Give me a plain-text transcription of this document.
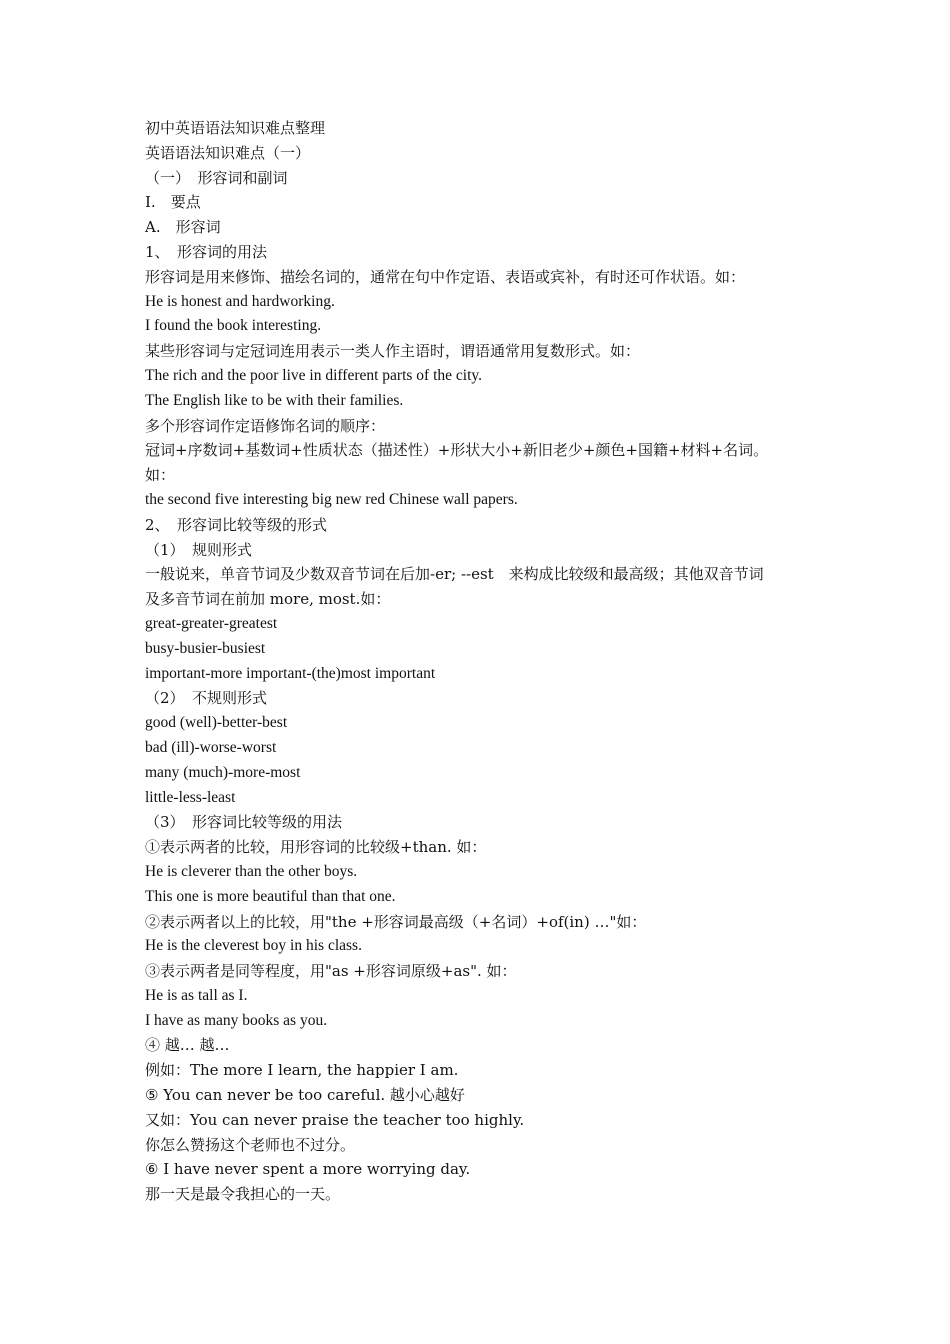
初中英语语法知识难点整理
英语语法知识难点（一）
（一）　形容词和副词
I.　要点
A.　形容词
1、　形容词的用法
形容词是用来修饰、描绘名词的，通常在句中作定语、表语或宾补，有时还可作状语。如：
He is honest and hardworking.
I found the book interesting.
某些形容词与定冠词连用表示一类人作主语时，谓语通常用复数形式。如：
The rich and the poor live in different parts of the city.
The English like to be with their families.
多个形容词作定语修饰名词的顺序：
冠词+序数词+基数词+性质状态（描述性）+形状大小+新旧老少+颜色+国籍+材料+名词。
如：
the second five interesting big new red Chinese wall papers.
2、　形容词比较等级的形式
（1）　规则形式
一般说来，单音节词及少数双音节词在后加-er; --est　来构成比较级和最高级；其他双音节词
及多音节词在前加 more, most.如：
great-greater-greatest
busy-busier-busiest
important-more important-(the)most important
（2）　不规则形式
good (well)-better-best
bad (ill)-worse-worst
many (much)-more-most
little-less-least
（3）　形容词比较等级的用法
①表示两者的比较，用形容词的比较级+than. 如：
He is cleverer than the other boys.
This one is more beautiful than that one.
②表示两者以上的比较，用"the +形容词最高级（+名词）+of(in) …"如：
He is the cleverest boy in his class.
③表示两者是同等程度，用"as +形容词原级+as". 如：
He is as tall as I.
I have as many books as you.
④ 越… 越…
例如：The more I learn, the happier I am.
⑤ You can never be too careful. 越小心越好
又如：You can never praise the teacher too highly.
你怎么赞扬这个老师也不过分。
⑥ I have never spent a more worrying day.
那一天是最令我担心的一天。
